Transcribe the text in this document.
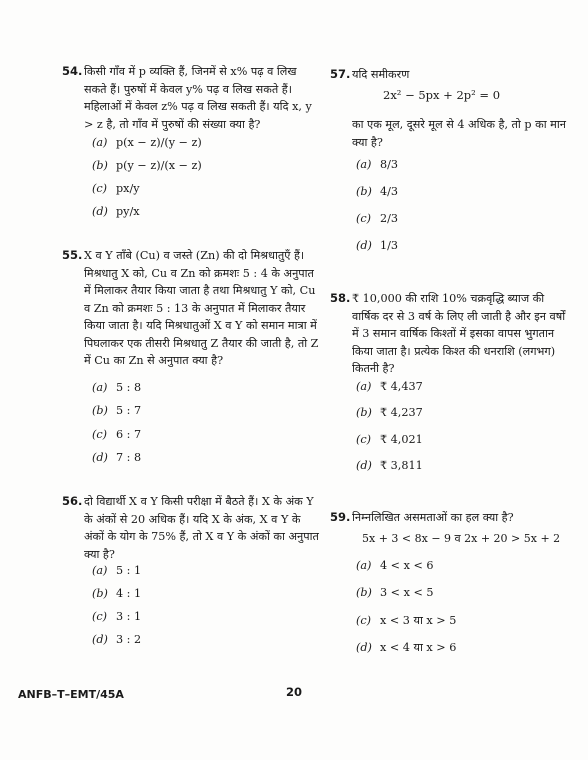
54. किसी गाँव में p व्यक्ति हैं, जिनमें से x% पढ़ व लिख सकते हैं। पुरुषों में केवल y% पढ़ व लिख सकते हैं। महिलाओं में केवल z% पढ़ व लिख सकती हैं। यदि x, y > z है, तो गाँव में पुरुषों की संख्या क्या है?
(a) p(x − z)/(y − z)
(b) p(y − z)/(x − z)
(c) px/y
(d) py/x
55. X व Y ताँबे (Cu) व जस्ते (Zn) की दो मिश्रधातुएँ हैं। मिश्रधातु X को, Cu व Zn को क्रमशः 5 : 4 के अनुपात में मिलाकर तैयार किया जाता है तथा मिश्रधातु Y को, Cu व Zn को क्रमशः 5 : 13 के अनुपात में मिलाकर तैयार किया जाता है। यदि मिश्रधातुओं X व Y को समान मात्रा में पिघलाकर एक तीसरी मिश्रधातु Z तैयार की जाती है, तो Z में Cu का Zn से अनुपात क्या है?
(a) 5 : 8
(b) 5 : 7
(c) 6 : 7
(d) 7 : 8
56. दो विद्यार्थी X व Y किसी परीक्षा में बैठते हैं। X के अंक Y के अंकों से 20 अधिक हैं। यदि X के अंक, X व Y के अंकों के योग के 75% हैं, तो X व Y के अंकों का अनुपात क्या है?
(a) 5 : 1
(b) 4 : 1
(c) 3 : 1
(d) 3 : 2
57. यदि समीकरण
2x² − 5px + 2p² = 0
का एक मूल, दूसरे मूल से 4 अधिक है, तो p का मान क्या है?
(a) 8/3
(b) 4/3
(c) 2/3
(d) 1/3
58. ₹ 10,000 की राशि 10% चक्रवृद्धि ब्याज की वार्षिक दर से 3 वर्ष के लिए ली जाती है और इन वर्षों में 3 समान वार्षिक किश्तों में इसका वापस भुगतान किया जाता है। प्रत्येक किश्त की धनराशि (लगभग) कितनी है?
(a) ₹ 4,437
(b) ₹ 4,237
(c) ₹ 4,021
(d) ₹ 3,811
59. निम्नलिखित असमताओं का हल क्या है?
5x + 3 < 8x − 9 व 2x + 20 > 5x + 2
(a) 4 < x < 6
(b) 3 < x < 5
(c) x < 3 या x > 5
(d) x < 4 या x > 6
ANFB–T–EMT/45A	20
